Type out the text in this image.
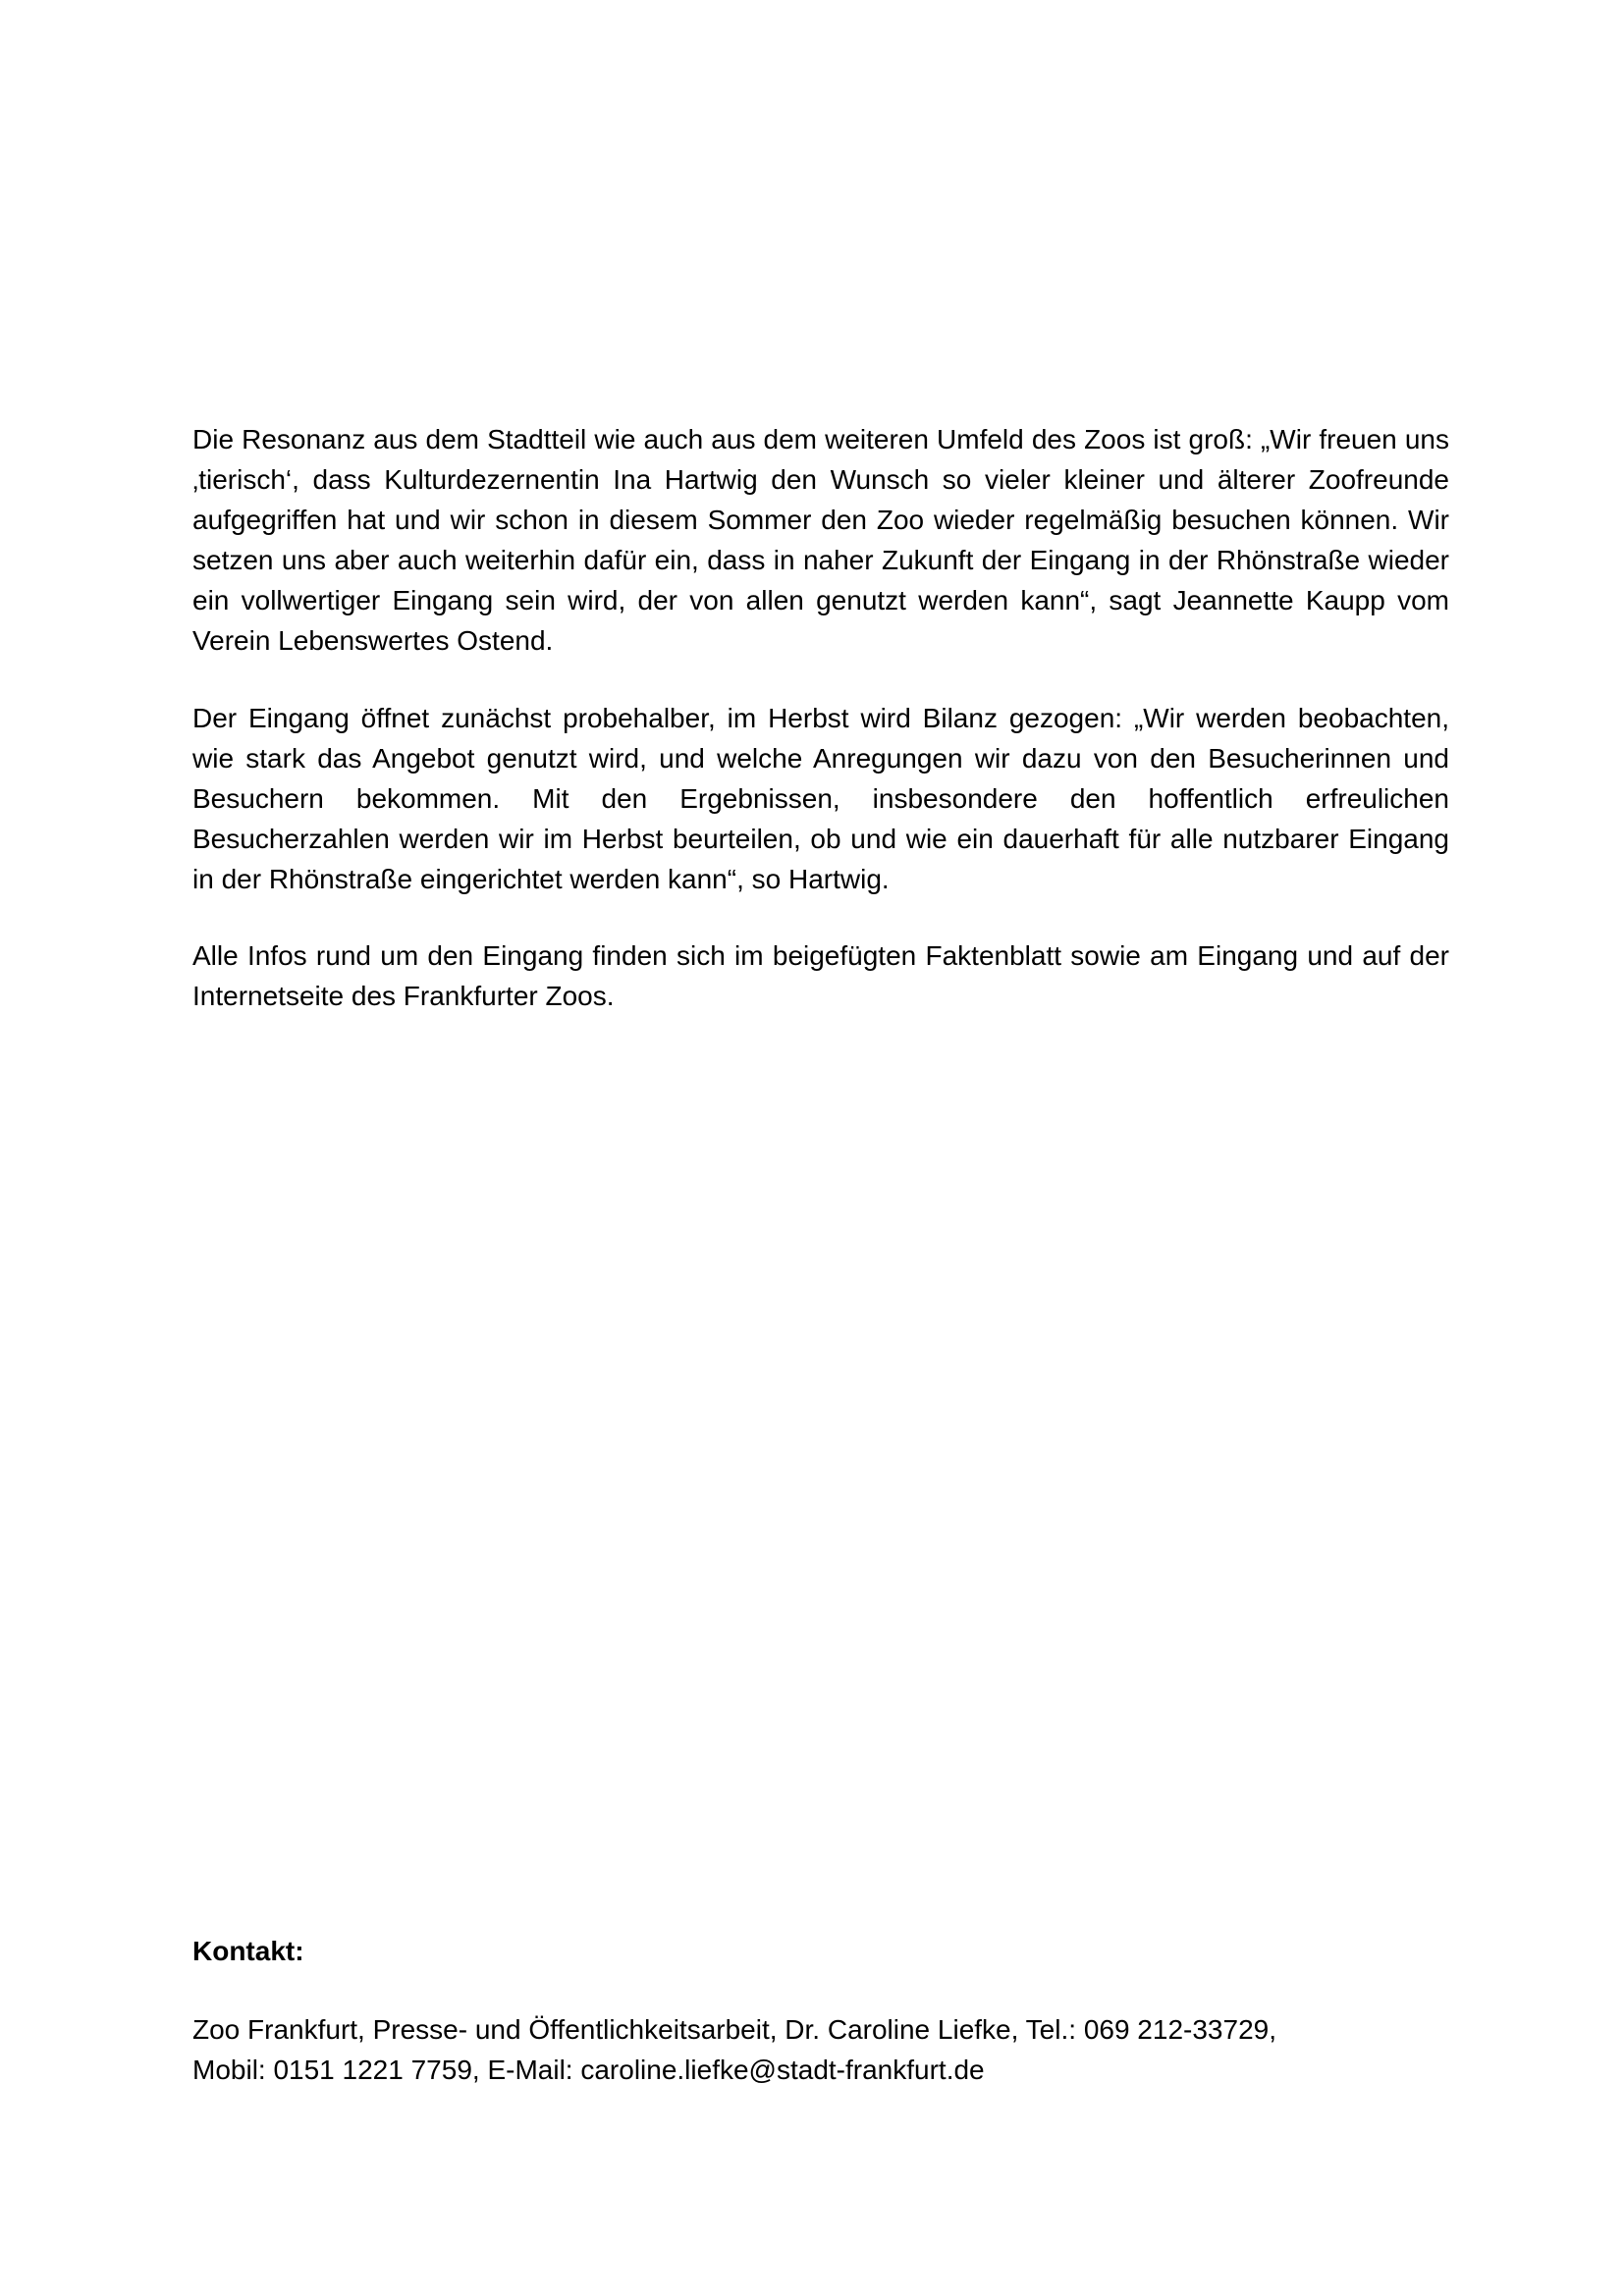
Die Resonanz aus dem Stadtteil wie auch aus dem weiteren Umfeld des Zoos ist groß: „Wir freuen uns ‚tierisch‘, dass Kulturdezernentin Ina Hartwig den Wunsch so vieler kleiner und älterer Zoofreunde aufgegriffen hat und wir schon in diesem Sommer den Zoo wieder regelmäßig besuchen können. Wir setzen uns aber auch weiterhin dafür ein, dass in naher Zukunft der Eingang in der Rhönstraße wieder ein vollwertiger Eingang sein wird, der von allen genutzt werden kann“, sagt Jeannette Kaupp vom Verein Lebenswertes Ostend.

Der Eingang öffnet zunächst probehalber, im Herbst wird Bilanz gezogen: „Wir werden beobachten, wie stark das Angebot genutzt wird, und welche Anregungen wir dazu von den Besucherinnen und Besuchern bekommen. Mit den Ergebnissen, insbesondere den hoffentlich erfreulichen Besucherzahlen werden wir im Herbst beurteilen, ob und wie ein dauerhaft für alle nutzbarer Eingang in der Rhönstraße eingerichtet werden kann“, so Hartwig.

Alle Infos rund um den Eingang finden sich im beigefügten Faktenblatt sowie am Eingang und auf der Internetseite des Frankfurter Zoos.

Kontakt:

Zoo Frankfurt, Presse- und Öffentlichkeitsarbeit, Dr. Caroline Liefke, Tel.: 069 212-33729,
Mobil: 0151 1221 7759, E-Mail: caroline.liefke@stadt-frankfurt.de
